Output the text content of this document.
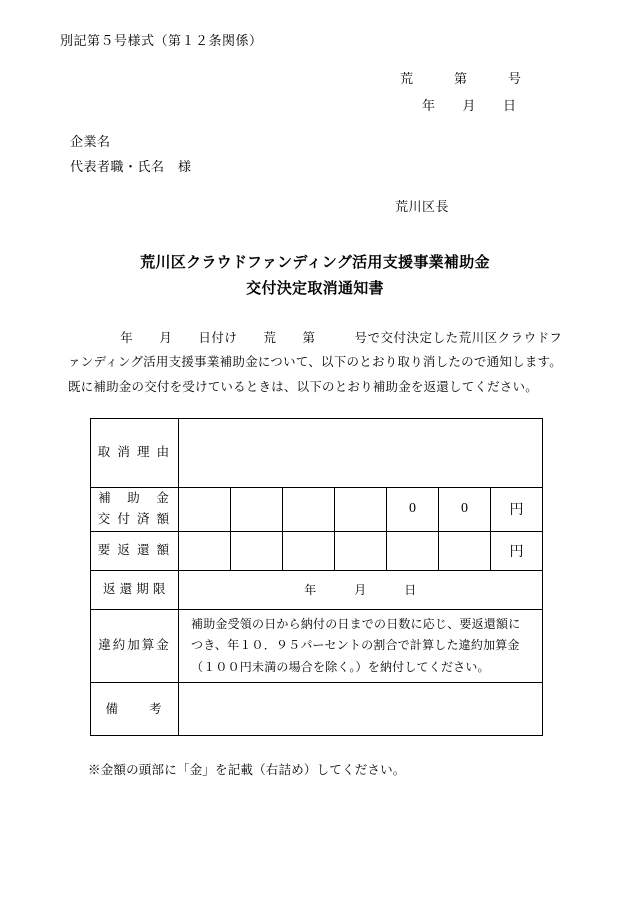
別記第５号様式（第１２条関係）
荒　　　第　　　号
年　　月　　日
企業名
代表者職・氏名　様
荒川区長
荒川区クラウドファンディング活用支援事業補助金
交付決定取消通知書
年　　月　　日付け　　荒　　第　　　号で交付決定した荒川区クラウドファンディング活用支援事業補助金について、以下のとおり取り消したので通知します。既に補助金の交付を受けているときは、以下のとおり補助金を返還してください。
取 消 理 由							

補　助　金
交 付 済 額					0	0	円
要 返 還 額							円
返 還 期 限	年　　　月　　　日						
違約加算金	補助金受領の日から納付の日までの日数に応じ、要返還額につき、年１０．９５パーセントの割合で計算した違約加算金（１００円未満の場合を除く。）を納付してください。						

備　　考							
※金額の頭部に「金」を記載（右詰め）してください。
